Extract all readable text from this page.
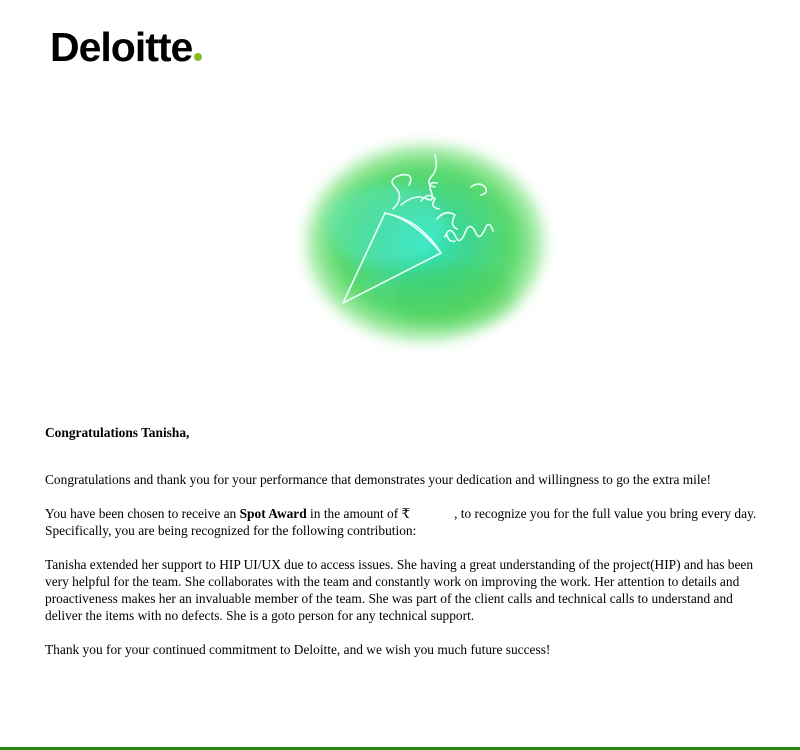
Deloitte

Congratulations Tanisha,

Congratulations and thank you for your performance that demonstrates your dedication and willingness to go the extra mile!

You have been chosen to receive an Spot Award in the amount of ₹	, to recognize you for the full value you bring every day. Specifically, you are being recognized for the following contribution:

Tanisha extended her support to HIP UI/UX due to access issues. She having a great understanding of the project(HIP) and has been very helpful for the team. She collaborates with the team and constantly work on improving the work. Her attention to details and proactiveness makes her an invaluable member of the team. She was part of the client calls and technical calls to understand and deliver the items with no defects. She is a goto person for any technical support.

Thank you for your continued commitment to Deloitte, and we wish you much future success!
